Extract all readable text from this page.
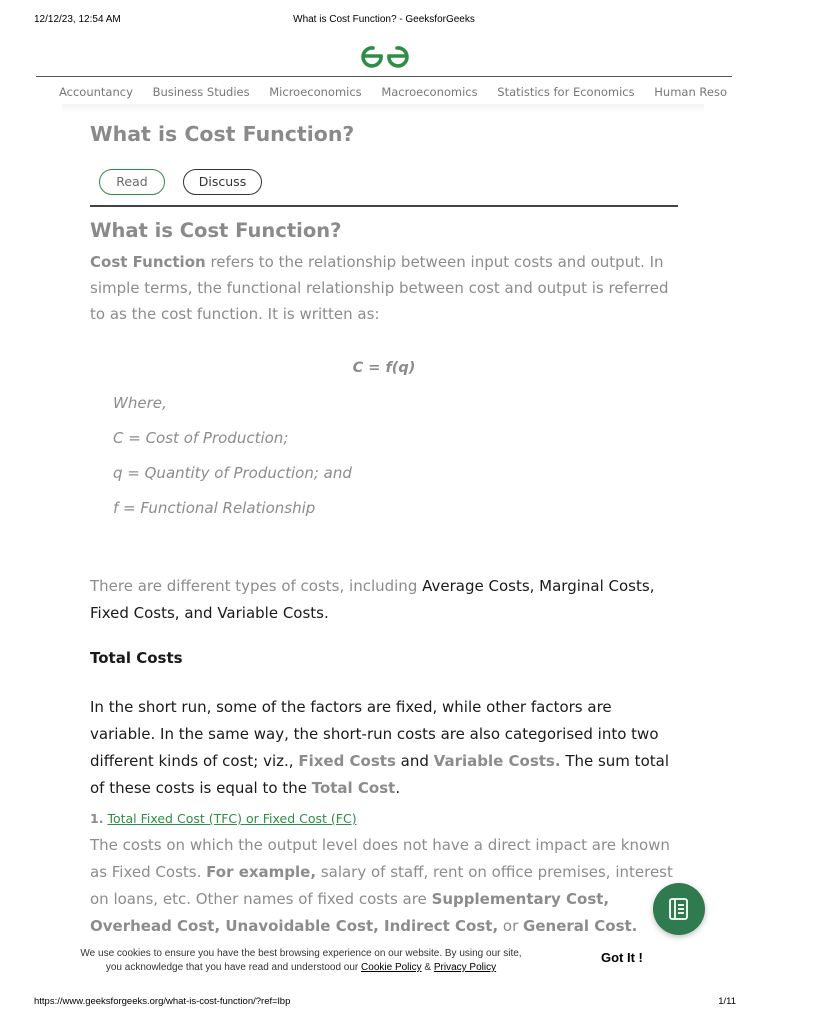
12/12/23, 12:54 AM	What is Cost Function? - GeeksforGeeks
Accountancy Business Studies Microeconomics Macroeconomics Statistics for Economics Human Reso
What is Cost Function?
Read	Discuss
What is Cost Function?

Cost Function refers to the relationship between input costs and output. In simple terms, the functional relationship between cost and output is referred to as the cost function. It is written as:

C = f(q)
Where,
C = Cost of Production;
q = Quantity of Production; and
f = Functional Relationship

There are different types of costs, including Average Costs, Marginal Costs, Fixed Costs, and Variable Costs.

Total Costs

In the short run, some of the factors are fixed, while other factors are variable. In the same way, the short-run costs are also categorised into two different kinds of cost; viz., Fixed Costs and Variable Costs. The sum total of these costs is equal to the Total Cost.

1. Total Fixed Cost (TFC) or Fixed Cost (FC)

The costs on which the output level does not have a direct impact are known as Fixed Costs. For example, salary of staff, rent on office premises, interest on loans, etc. Other names of fixed costs are Supplementary Cost, Overhead Cost, Unavoidable Cost, Indirect Cost, or General Cost.

We use cookies to ensure you have the best browsing experience on our website. By using our site,
you acknowledge that you have read and understood our Cookie Policy & Privacy Policy
Got It !
https://www.geeksforgeeks.org/what-is-cost-function/?ref=lbp	1/11
